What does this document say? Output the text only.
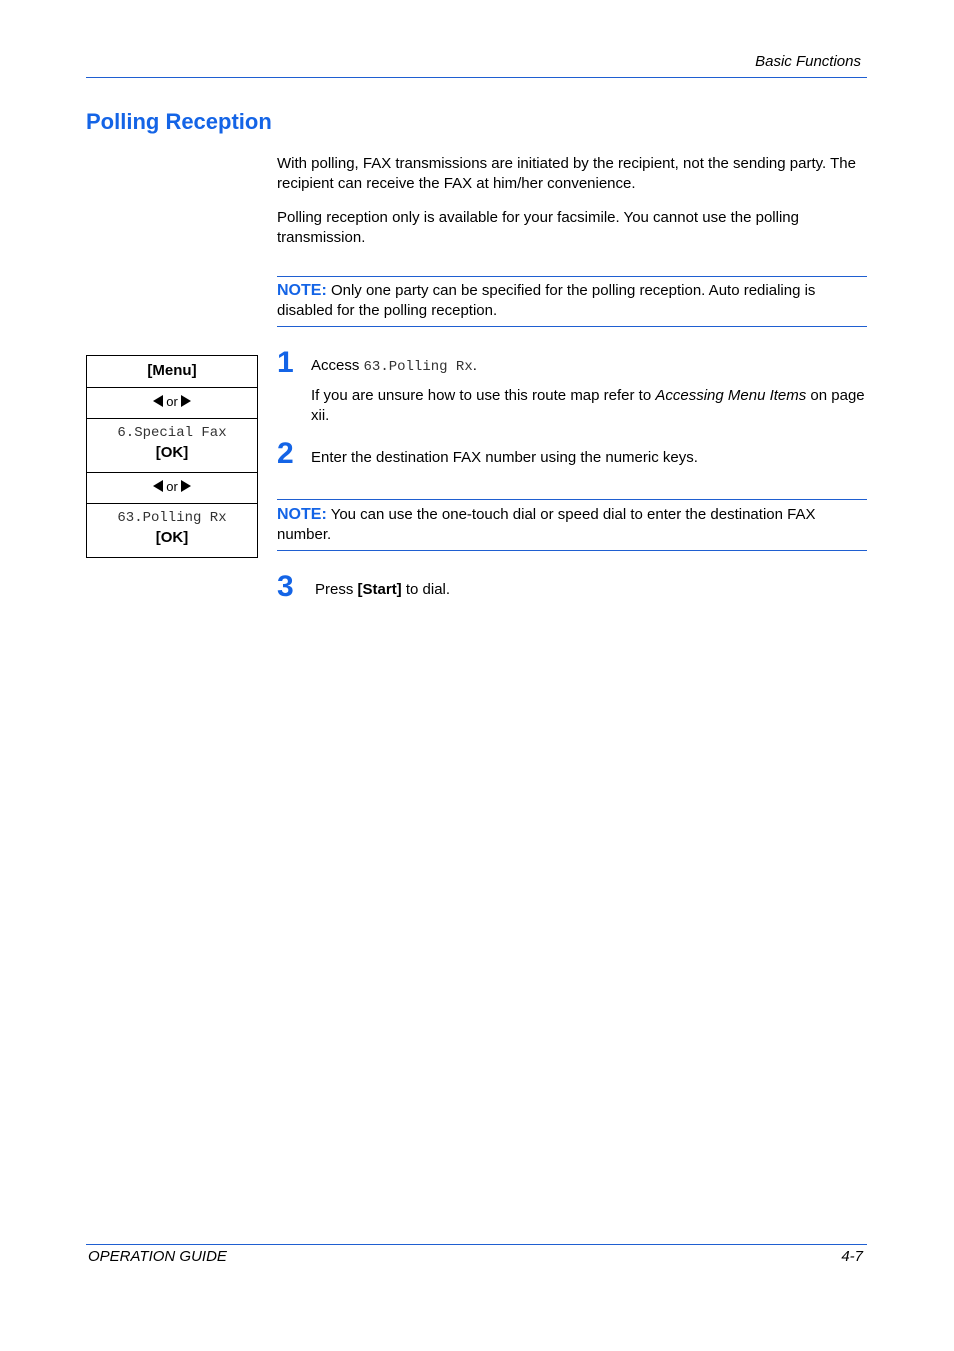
Basic Functions
Polling Reception
With polling, FAX transmissions are initiated by the recipient, not the sending party. The recipient can receive the FAX at him/her convenience.
Polling reception only is available for your facsimile. You cannot use the polling transmission.
NOTE: Only one party can be specified for the polling reception. Auto redialing is disabled for the polling reception.
[Menu]
or
6.Special Fax
[OK]
or
63.Polling Rx
[OK]
1 Access 63.Polling Rx.
If you are unsure how to use this route map refer to Accessing Menu Items on page xii.
2 Enter the destination FAX number using the numeric keys.
NOTE: You can use the one-touch dial or speed dial to enter the destination FAX number.
3 Press [Start] to dial.
OPERATION GUIDE	4-7
